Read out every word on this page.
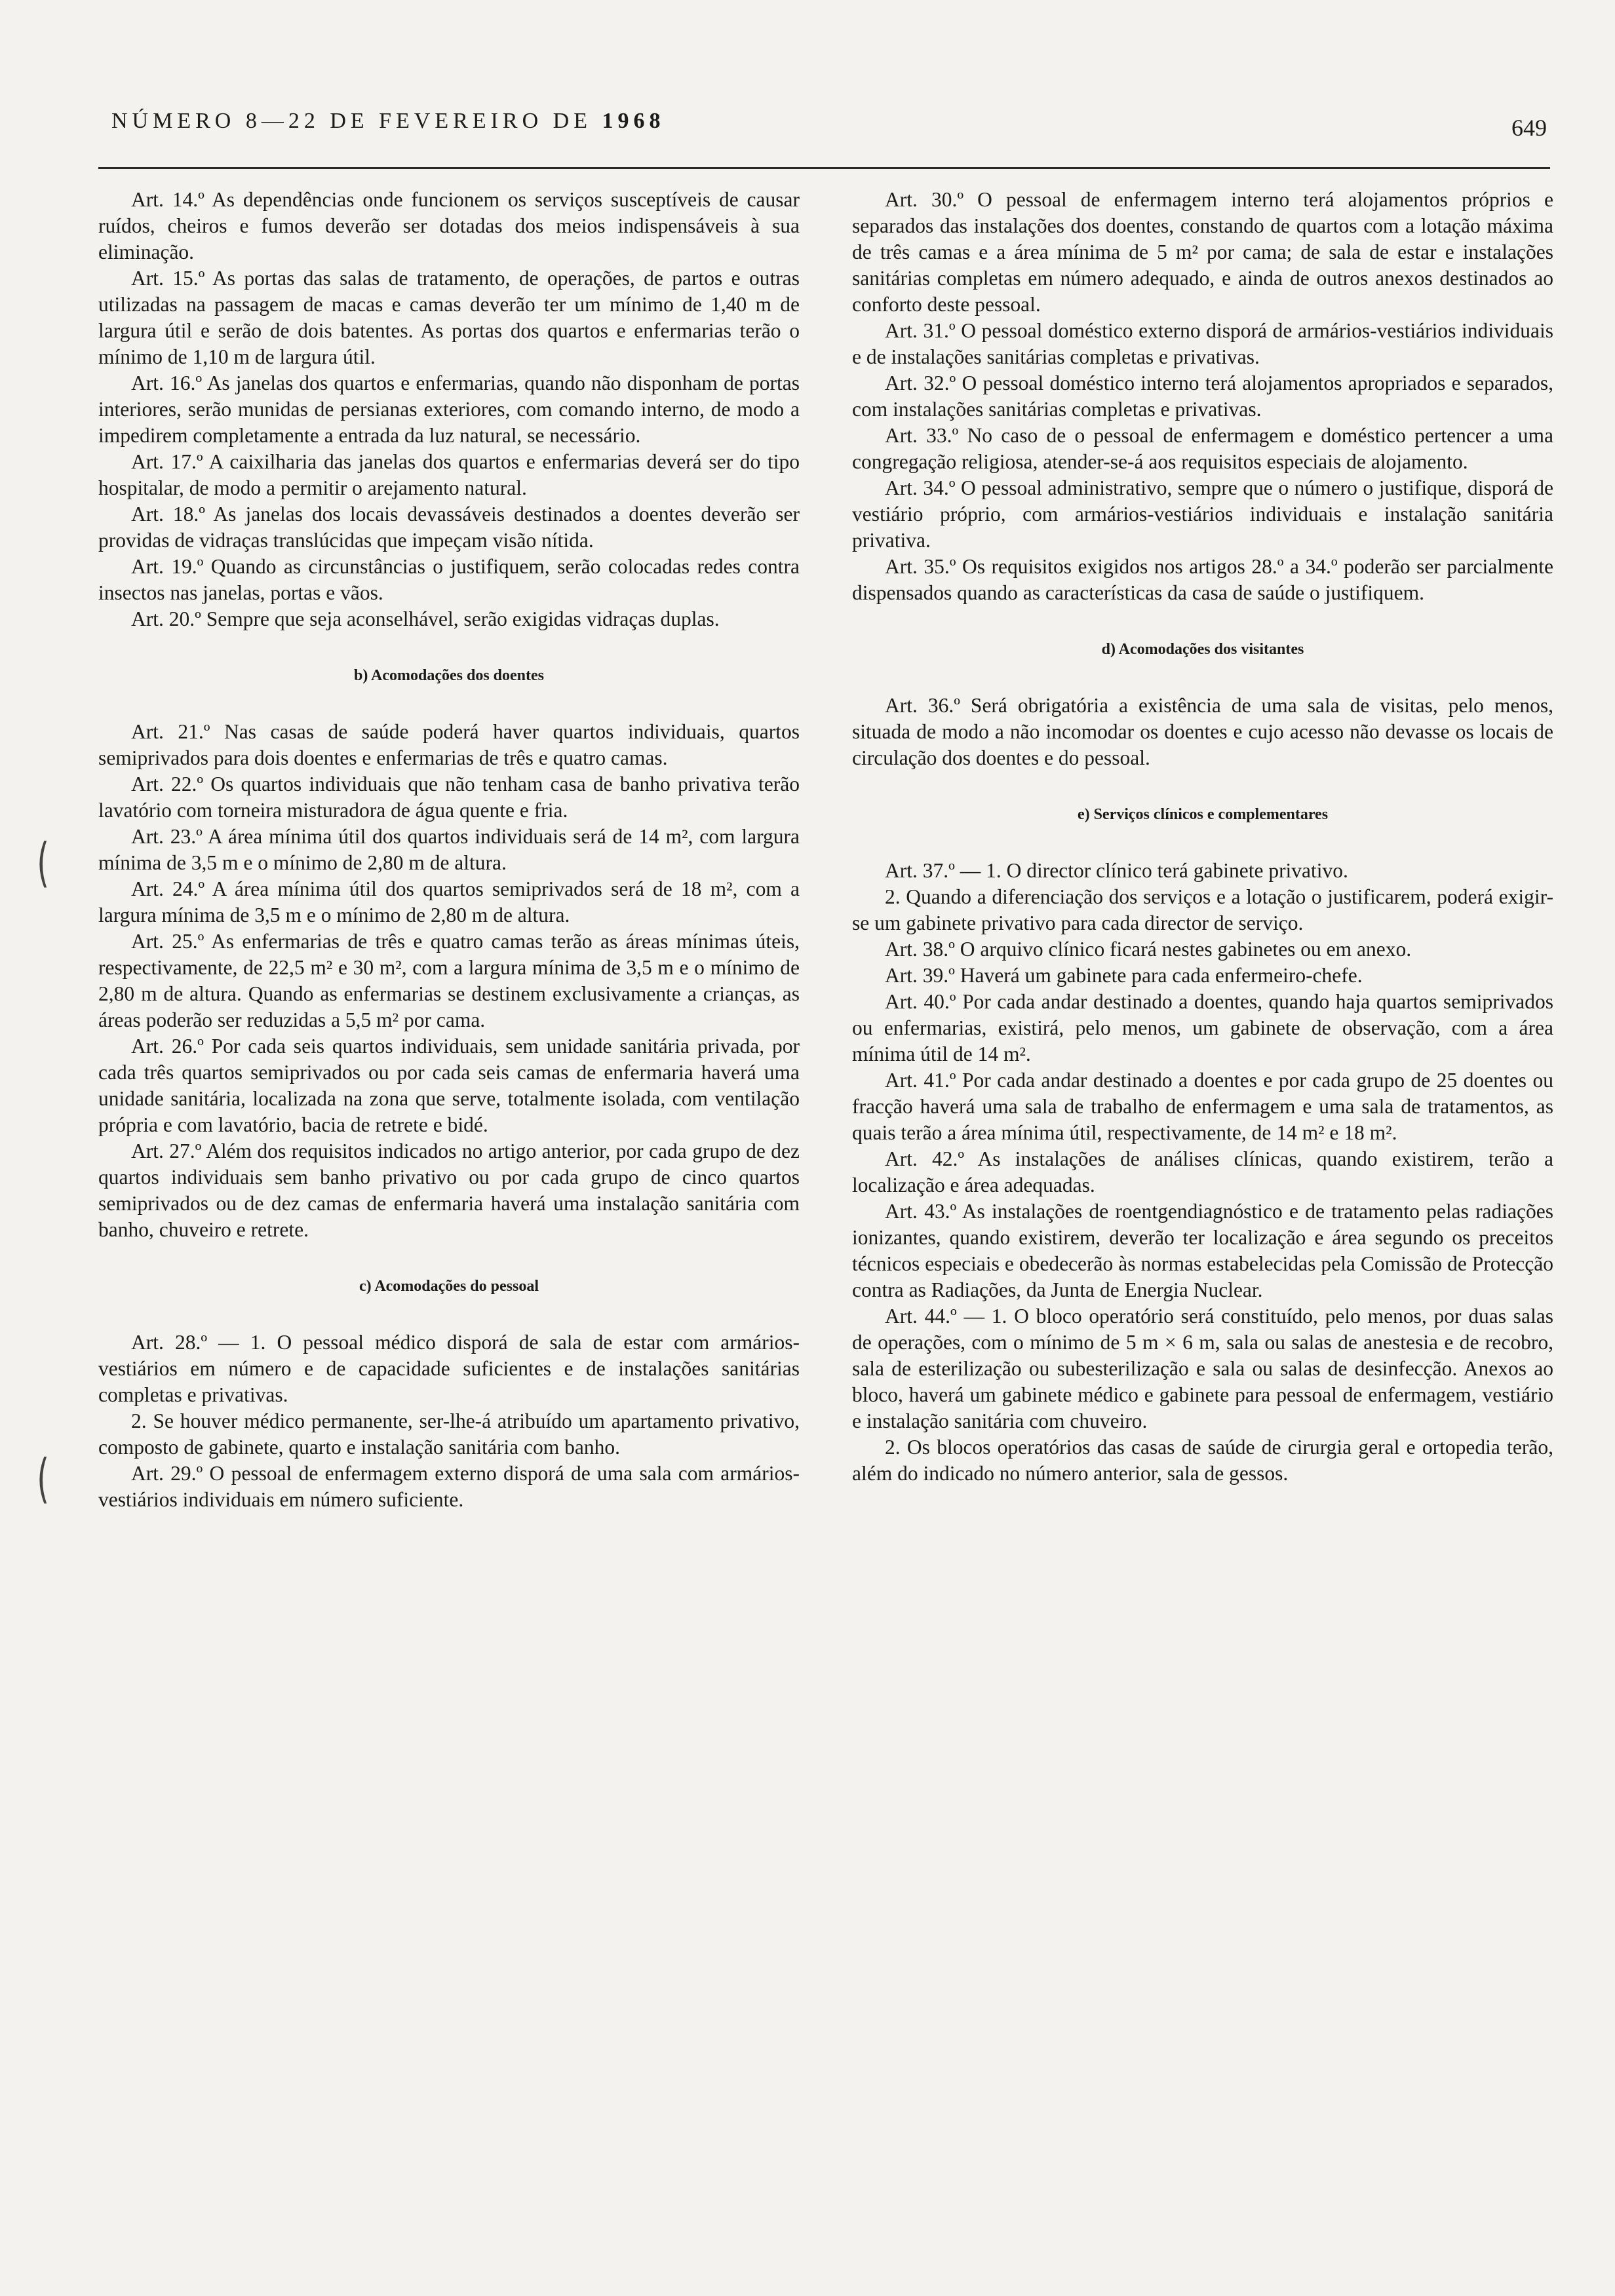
NÚMERO 8—22 DE FEVEREIRO DE 1968	649
(
(

Art. 14.º As dependências onde funcionem os serviços susceptíveis de causar ruídos, cheiros e fumos deverão ser dotadas dos meios indispensáveis à sua eliminação.

Art. 15.º As portas das salas de tratamento, de operações, de partos e outras utilizadas na passagem de macas e camas deverão ter um mínimo de 1,40 m de largura útil e serão de dois batentes. As portas dos quartos e enfermarias terão o mínimo de 1,10 m de largura útil.

Art. 16.º As janelas dos quartos e enfermarias, quando não disponham de portas interiores, serão munidas de persianas exteriores, com comando interno, de modo a impedirem completamente a entrada da luz natural, se necessário.

Art. 17.º A caixilharia das janelas dos quartos e enfermarias deverá ser do tipo hospitalar, de modo a permitir o arejamento natural.

Art. 18.º As janelas dos locais devassáveis destinados a doentes deverão ser providas de vidraças translúcidas que impeçam visão nítida.

Art. 19.º Quando as circunstâncias o justifiquem, serão colocadas redes contra insectos nas janelas, portas e vãos.

Art. 20.º Sempre que seja aconselhável, serão exigidas vidraças duplas.

b) Acomodações dos doentes

Art. 21.º Nas casas de saúde poderá haver quartos individuais, quartos semiprivados para dois doentes e enfermarias de três e quatro camas.

Art. 22.º Os quartos individuais que não tenham casa de banho privativa terão lavatório com torneira misturadora de água quente e fria.

Art. 23.º A área mínima útil dos quartos individuais será de 14 m², com largura mínima de 3,5 m e o mínimo de 2,80 m de altura.

Art. 24.º A área mínima útil dos quartos semiprivados será de 18 m², com a largura mínima de 3,5 m e o mínimo de 2,80 m de altura.

Art. 25.º As enfermarias de três e quatro camas terão as áreas mínimas úteis, respectivamente, de 22,5 m² e 30 m², com a largura mínima de 3,5 m e o mínimo de 2,80 m de altura. Quando as enfermarias se destinem exclusivamente a crianças, as áreas poderão ser reduzidas a 5,5 m² por cama.

Art. 26.º Por cada seis quartos individuais, sem unidade sanitária privada, por cada três quartos semiprivados ou por cada seis camas de enfermaria haverá uma unidade sanitária, localizada na zona que serve, totalmente isolada, com ventilação própria e com lavatório, bacia de retrete e bidé.

Art. 27.º Além dos requisitos indicados no artigo anterior, por cada grupo de dez quartos individuais sem banho privativo ou por cada grupo de cinco quartos semiprivados ou de dez camas de enfermaria haverá uma instalação sanitária com banho, chuveiro e retrete.

c) Acomodações do pessoal

Art. 28.º — 1. O pessoal médico disporá de sala de estar com armários-vestiários em número e de capacidade suficientes e de instalações sanitárias completas e privativas.

2. Se houver médico permanente, ser-lhe-á atribuído um apartamento privativo, composto de gabinete, quarto e instalação sanitária com banho.

Art. 29.º O pessoal de enfermagem externo disporá de uma sala com armários-vestiários individuais em número suficiente.

Art. 30.º O pessoal de enfermagem interno terá alojamentos próprios e separados das instalações dos doentes, constando de quartos com a lotação máxima de três camas e a área mínima de 5 m² por cama; de sala de estar e instalações sanitárias completas em número adequado, e ainda de outros anexos destinados ao conforto deste pessoal.

Art. 31.º O pessoal doméstico externo disporá de armários-vestiários individuais e de instalações sanitárias completas e privativas.

Art. 32.º O pessoal doméstico interno terá alojamentos apropriados e separados, com instalações sanitárias completas e privativas.

Art. 33.º No caso de o pessoal de enfermagem e doméstico pertencer a uma congregação religiosa, atender-se-á aos requisitos especiais de alojamento.

Art. 34.º O pessoal administrativo, sempre que o número o justifique, disporá de vestiário próprio, com armários-vestiários individuais e instalação sanitária privativa.

Art. 35.º Os requisitos exigidos nos artigos 28.º a 34.º poderão ser parcialmente dispensados quando as características da casa de saúde o justifiquem.

d) Acomodações dos visitantes

Art. 36.º Será obrigatória a existência de uma sala de visitas, pelo menos, situada de modo a não incomodar os doentes e cujo acesso não devasse os locais de circulação dos doentes e do pessoal.

e) Serviços clínicos e complementares

Art. 37.º — 1. O director clínico terá gabinete privativo.

2. Quando a diferenciação dos serviços e a lotação o justificarem, poderá exigir-se um gabinete privativo para cada director de serviço.

Art. 38.º O arquivo clínico ficará nestes gabinetes ou em anexo.

Art. 39.º Haverá um gabinete para cada enfermeiro-chefe.

Art. 40.º Por cada andar destinado a doentes, quando haja quartos semiprivados ou enfermarias, existirá, pelo menos, um gabinete de observação, com a área mínima útil de 14 m².

Art. 41.º Por cada andar destinado a doentes e por cada grupo de 25 doentes ou fracção haverá uma sala de trabalho de enfermagem e uma sala de tratamentos, as quais terão a área mínima útil, respectivamente, de 14 m² e 18 m².

Art. 42.º As instalações de análises clínicas, quando existirem, terão a localização e área adequadas.

Art. 43.º As instalações de roentgendiagnóstico e de tratamento pelas radiações ionizantes, quando existirem, deverão ter localização e área segundo os preceitos técnicos especiais e obedecerão às normas estabelecidas pela Comissão de Protecção contra as Radiações, da Junta de Energia Nuclear.

Art. 44.º — 1. O bloco operatório será constituído, pelo menos, por duas salas de operações, com o mínimo de 5 m × 6 m, sala ou salas de anestesia e de recobro, sala de esterilização ou subesterilização e sala ou salas de desinfecção. Anexos ao bloco, haverá um gabinete médico e gabinete para pessoal de enfermagem, vestiário e instalação sanitária com chuveiro.

2. Os blocos operatórios das casas de saúde de cirurgia geral e ortopedia terão, além do indicado no número anterior, sala de gessos.
